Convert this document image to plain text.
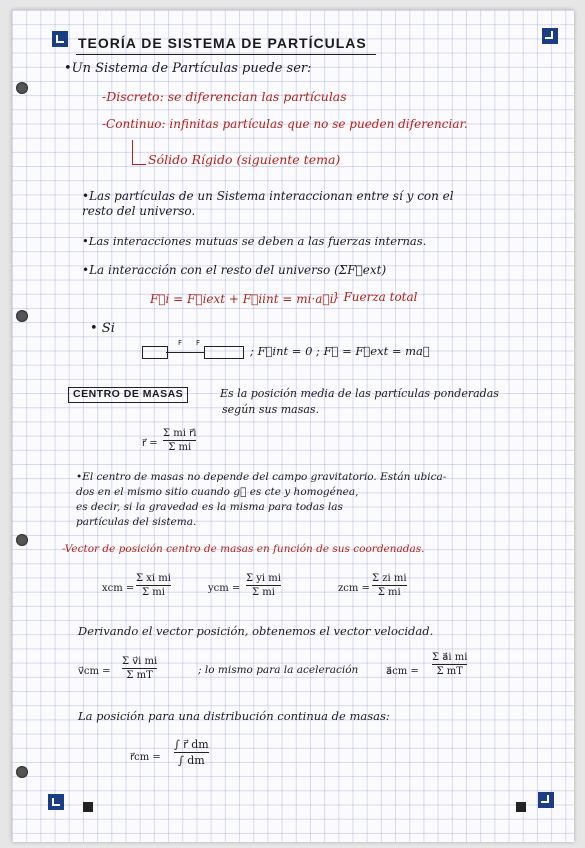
TEORÍA DE SISTEMA DE PARTÍCULAS
•Un Sistema de Partículas puede ser:
-Discreto: se diferencian las partículas
-Continuo: infinitas partículas que no se pueden diferenciar.
Sólido Rígido (siguiente tema)
•Las partículas de un Sistema interaccionan entre sí y con el
resto del universo.
•Las interacciones mutuas se deben a las fuerzas internas.
•La interacción con el resto del universo (ΣF⃗ext)
F⃗i = F⃗iext + F⃗iint = mi·a⃗i
} Fuerza total
• Si
F F
; F⃗int = 0 ; F⃗ = F⃗ext = ma⃗
CENTRO DE MASAS	Es la posición media de las partículas ponderadas
según sus masas.
r⃗ =
Σ mi r⃗i
Σ mi
•El centro de masas no depende del campo gravitatorio. Están ubica-
dos en el mismo sitio cuando g⃗ es cte y homogénea,
es decir, si la gravedad es la misma para todas las
partículas del sistema.
-Vector de posición centro de masas en función de sus coordenadas.
xcm =
Σ xi mi
Σ mi	ycm =
Σ yi mi
Σ mi	zcm =
Σ zi mi
Σ mi
Derivando el vector posición, obtenemos el vector velocidad.
v⃗cm =
Σ v⃗i mi
Σ mT	; lo mismo para la aceleración	a⃗cm =
Σ a⃗i mi
Σ mT
La posición para una distribución continua de masas:
r⃗cm =
∫ r⃗ dm
∫ dm
